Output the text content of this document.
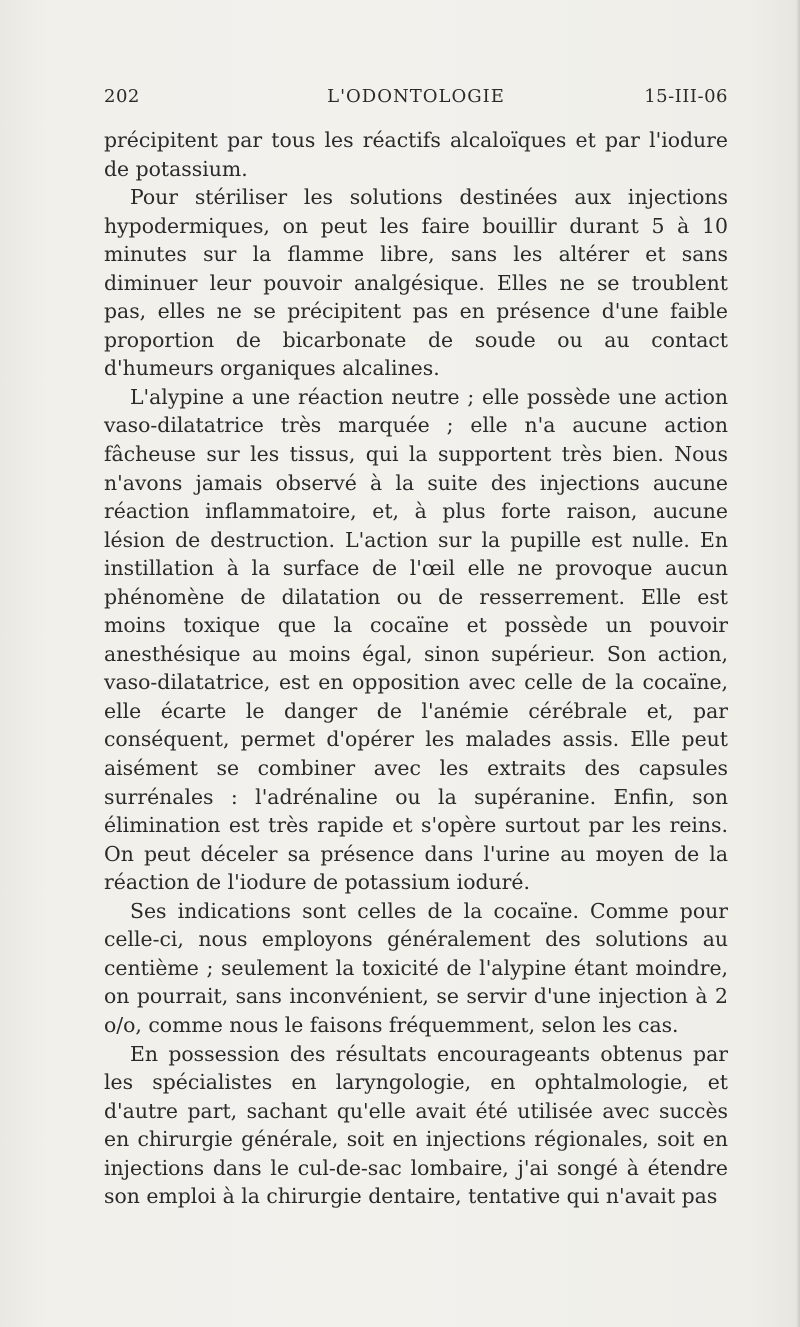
202	L'ODONTOLOGIE	15-III-06

précipitent par tous les réactifs alcaloïques et par l'iodure de potassium.

Pour stériliser les solutions destinées aux injections hypodermiques, on peut les faire bouillir durant 5 à 10 minutes sur la flamme libre, sans les altérer et sans diminuer leur pouvoir analgésique. Elles ne se troublent pas, elles ne se précipitent pas en présence d'une faible proportion de bicarbonate de soude ou au contact d'humeurs organiques alcalines.

L'alypine a une réaction neutre ; elle possède une action vaso-dilatatrice très marquée ; elle n'a aucune action fâcheuse sur les tissus, qui la supportent très bien. Nous n'avons jamais observé à la suite des injections aucune réaction inflammatoire, et, à plus forte raison, aucune lésion de destruction. L'action sur la pupille est nulle. En instillation à la surface de l'œil elle ne provoque aucun phénomène de dilatation ou de resserrement. Elle est moins toxique que la cocaïne et possède un pouvoir anesthésique au moins égal, sinon supérieur. Son action, vaso-dilatatrice, est en opposition avec celle de la cocaïne, elle écarte le danger de l'anémie cérébrale et, par conséquent, permet d'opérer les malades assis. Elle peut aisément se combiner avec les extraits des capsules surrénales : l'adrénaline ou la supéranine. Enfin, son élimination est très rapide et s'opère surtout par les reins. On peut déceler sa présence dans l'urine au moyen de la réaction de l'iodure de potassium ioduré.

Ses indications sont celles de la cocaïne. Comme pour celle-ci, nous employons généralement des solutions au centième ; seulement la toxicité de l'alypine étant moindre, on pourrait, sans inconvénient, se servir d'une injection à 2 o/o, comme nous le faisons fréquemment, selon les cas.

En possession des résultats encourageants obtenus par les spécialistes en laryngologie, en ophtalmologie, et d'autre part, sachant qu'elle avait été utilisée avec succès en chirurgie générale, soit en injections régionales, soit en injections dans le cul-de-sac lombaire, j'ai songé à étendre son emploi à la chirurgie dentaire, tentative qui n'avait pas
